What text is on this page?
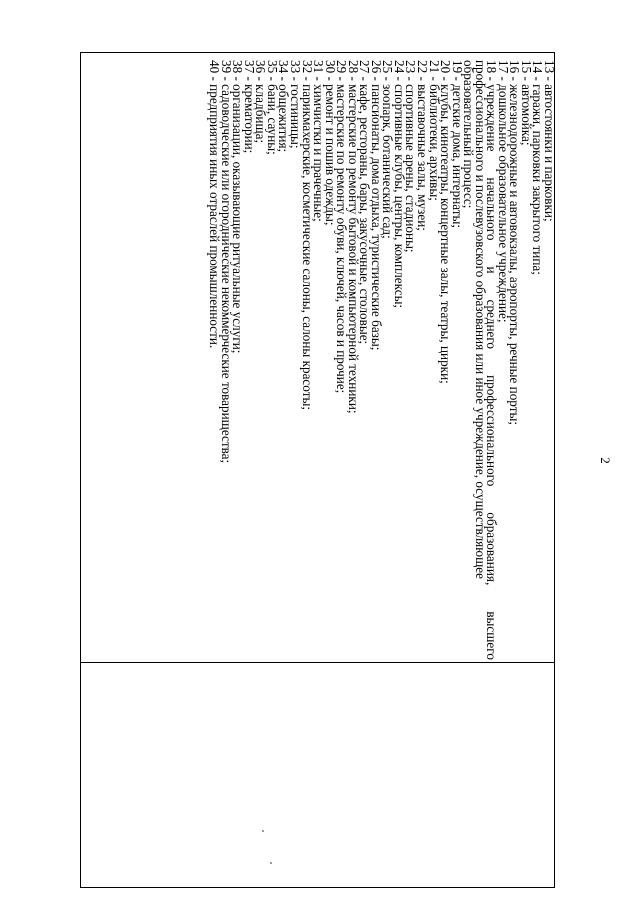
2
13 - автостоянки и парковки;
14 - гаражи, парковки закрытого типа;
15 - автомойка;
16 - железнодорожные и автовокзалы, аэропорты, речные порты;
17 - дошкольное образовательное учреждение;
18 - учреждение
начального
и
среднего
профессионального
образования,
высшего
профессионального и послевузовского образования или иное учреждение, осуществляющее
образовательный процесс;
19 - детские дома, интернаты;
20 - клубы, кинотеатры, концертные залы, театры, цирки;
21 - библиотеки, архивы;
22 - выставочные залы, музеи;
23 - спортивные арены, стадионы;
24 - спортивные клубы, центры, комплексы;
25 - зоопарк, ботанический сад;
26 - пансионаты, дома отдыха, туристические базы;
27 - кафе, рестораны, бары, закусочные, столовые;
28 - мастерские по ремонту бытовой и компьютерной техники;
29 - мастерские по ремонту обуви, ключей, часов и прочие;
30 - ремонт и пошив одежды;
31 - химчистки и прачечные;
32 - парикмахерские, косметические салоны, салоны красоты;
33 - гостиницы;
34 - общежития;
35 - бани, сауны;
36 - кладбища;
37 - крематории;
38 - организации, оказывающие ритуальные услуги;
39 - садоводческие или огороднические некоммерческие товарищества;
40 - предприятия иных отраслей промышленности.
